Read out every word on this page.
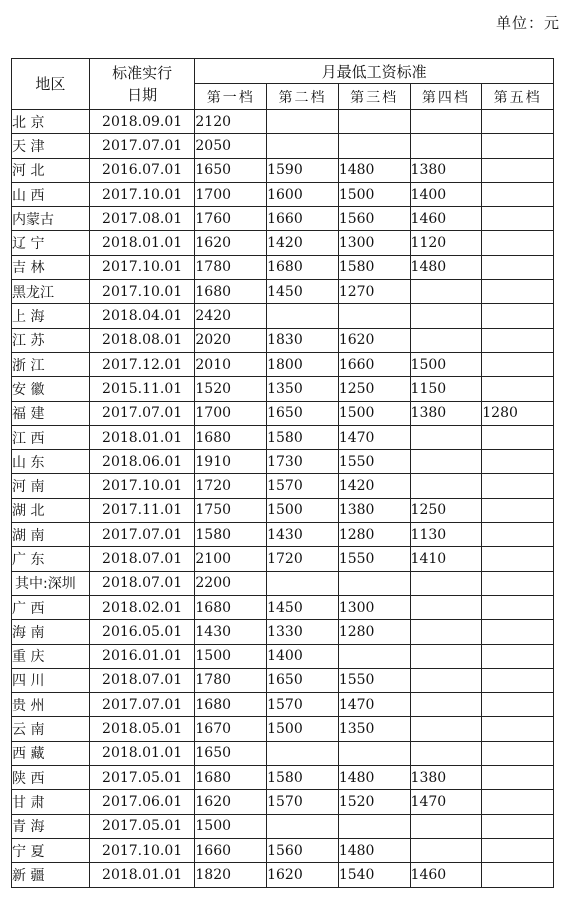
单位：元
地区	标准实行
日期	月最低工资标准				
		第一档	第二档	第三档	第四档	第五档
北 京	2018.09.01	2120				
天 津	2017.07.01	2050				
河 北	2016.07.01	1650	1590	1480	1380	
山 西	2017.10.01	1700	1600	1500	1400	
内蒙古	2017.08.01	1760	1660	1560	1460	
辽 宁	2018.01.01	1620	1420	1300	1120	
吉 林	2017.10.01	1780	1680	1580	1480	
黑龙江	2017.10.01	1680	1450	1270		
上 海	2018.04.01	2420				
江 苏	2018.08.01	2020	1830	1620		
浙 江	2017.12.01	2010	1800	1660	1500	
安 徽	2015.11.01	1520	1350	1250	1150	
福 建	2017.07.01	1700	1650	1500	1380	1280
江 西	2018.01.01	1680	1580	1470		
山 东	2018.06.01	1910	1730	1550		
河 南	2017.10.01	1720	1570	1420		
湖 北	2017.11.01	1750	1500	1380	1250	
湖 南	2017.07.01	1580	1430	1280	1130	
广 东	2018.07.01	2100	1720	1550	1410	
其中:深圳	2018.07.01	2200				
广 西	2018.02.01	1680	1450	1300		
海 南	2016.05.01	1430	1330	1280		
重 庆	2016.01.01	1500	1400			
四 川	2018.07.01	1780	1650	1550		
贵 州	2017.07.01	1680	1570	1470		
云 南	2018.05.01	1670	1500	1350		
西 藏	2018.01.01	1650				
陕 西	2017.05.01	1680	1580	1480	1380	
甘 肃	2017.06.01	1620	1570	1520	1470	
青 海	2017.05.01	1500				
宁 夏	2017.10.01	1660	1560	1480		
新 疆	2018.01.01	1820	1620	1540	1460	
